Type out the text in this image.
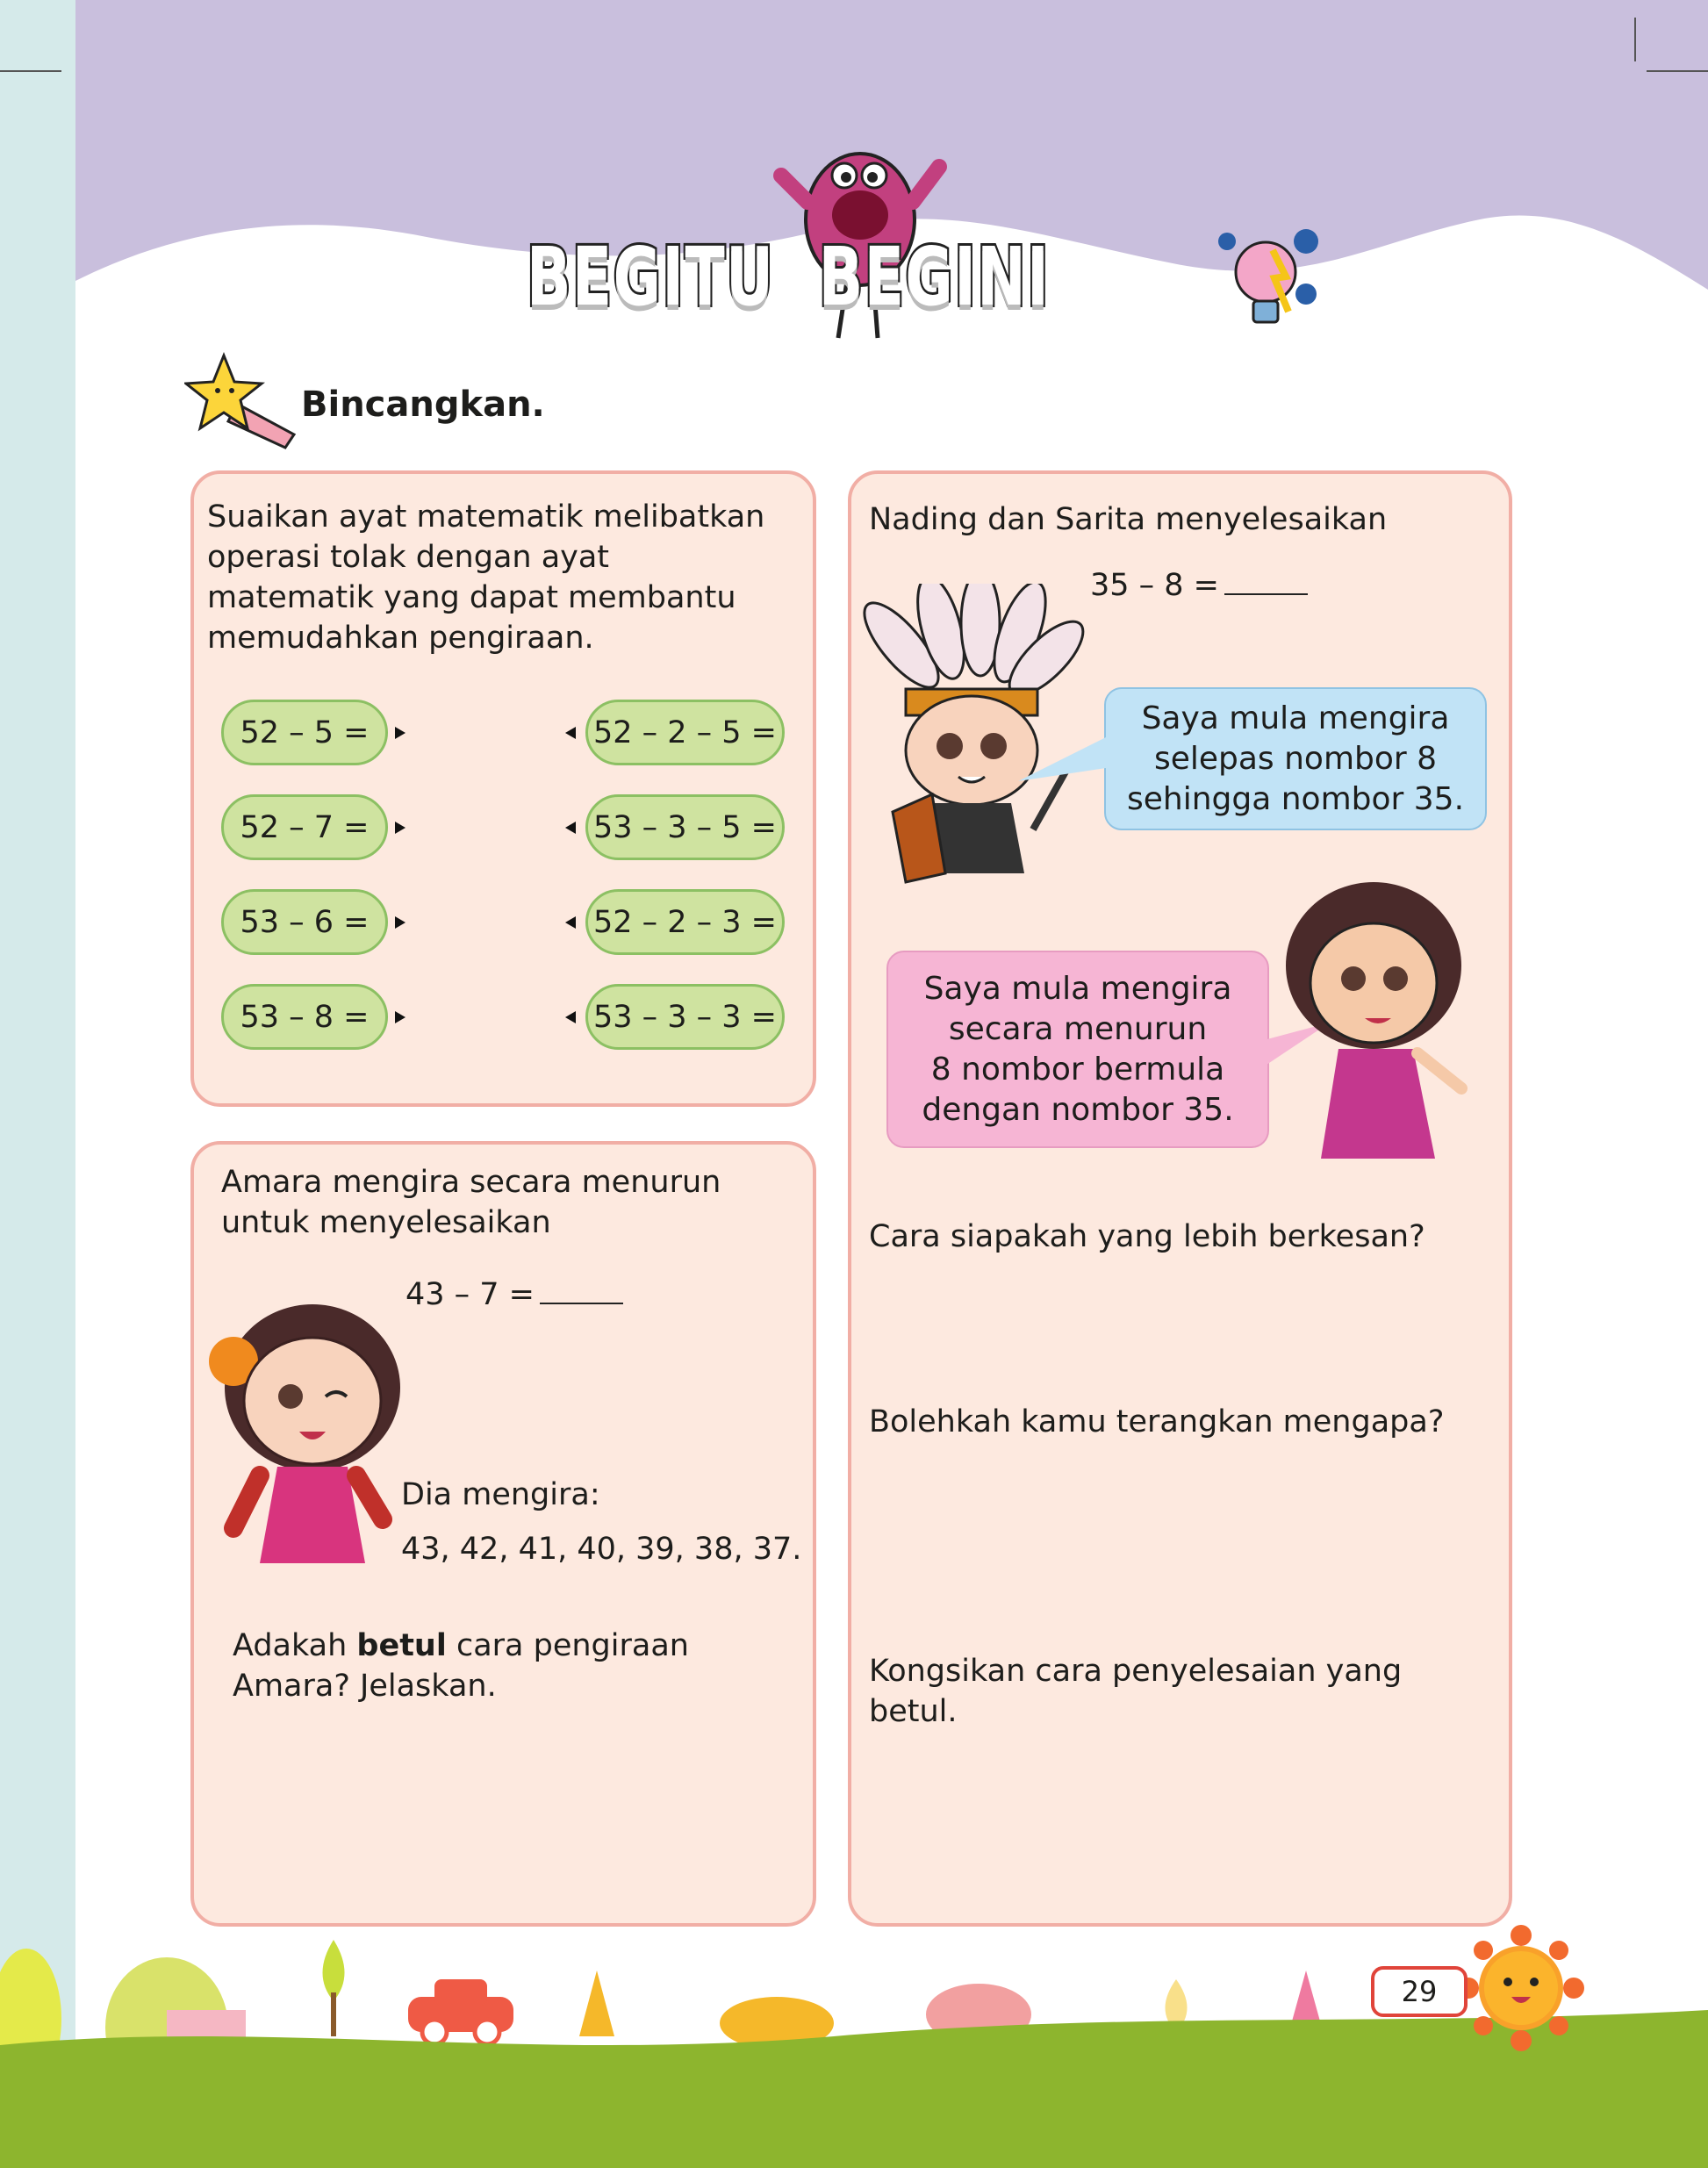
BEGITU BEGINI
Bincangkan.
Suaikan ayat matematik melibatkan
operasi tolak dengan ayat
matematik yang dapat membantu
memudahkan pengiraan.
52 – 5 =
52 – 7 =
53 – 6 =
53 – 8 =
52 – 2 – 5 =
53 – 3 – 5 =
52 – 2 – 3 =
53 – 3 – 3 =
Amara mengira secara menurun
untuk menyelesaikan
43 – 7 =
Dia mengira:
43, 42, 41, 40, 39, 38, 37.
Adakah betul cara pengiraan
Amara? Jelaskan.
Nading dan Sarita menyelesaikan
35 – 8 =
Saya mula mengira
selepas nombor 8
sehingga nombor 35.
Saya mula mengira
secara menurun
8 nombor bermula
dengan nombor 35.
Cara siapakah yang lebih berkesan?
Bolehkah kamu terangkan mengapa?
Kongsikan cara penyelesaian yang
betul.
29
